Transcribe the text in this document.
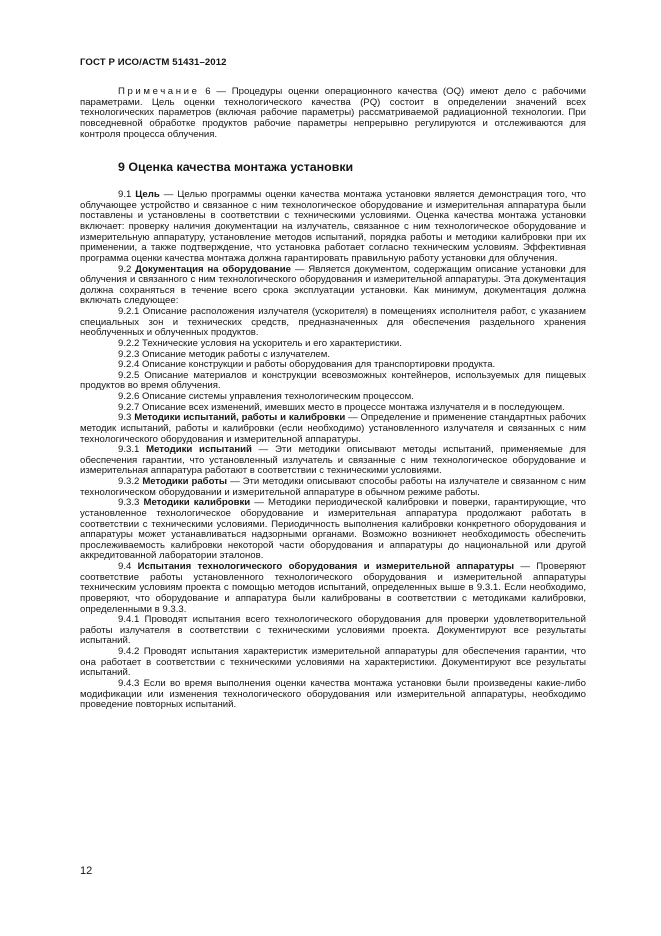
ГОСТ Р ИСО/АСТМ 51431–2012

Примечание 6 — Процедуры оценки операционного качества (OQ) имеют дело с рабочими параметрами. Цель оценки технологического качества (PQ) состоит в определении значений всех технологических параметров (включая рабочие параметры) рассматриваемой радиационной технологии. При повседневной обработке продуктов рабочие параметры непрерывно регулируются и отслеживаются для контроля процесса облучения.

9 Оценка качества монтажа установки

9.1 Цель — Целью программы оценки качества монтажа установки является демонстрация того, что облучающее устройство и связанное с ним технологическое оборудование и измерительная аппаратура были поставлены и установлены в соответствии с техническими условиями. Оценка качества монтажа установки включает: проверку наличия документации на излучатель, связанное с ним технологическое оборудование и измерительную аппаратуру, установление методов испытаний, порядка работы и методики калибровки при их применении, а также подтверждение, что установка работает согласно техническим условиям. Эффективная программа оценки качества монтажа должна гарантировать правильную работу установки для облучения.

9.2 Документация на оборудование — Является документом, содержащим описание установки для облучения и связанного с ним технологического оборудования и измерительной аппаратуры. Эта документация должна сохраняться в течение всего срока эксплуатации установки. Как минимум, документация должна включать следующее:

9.2.1 Описание расположения излучателя (ускорителя) в помещениях исполнителя работ, с указанием специальных зон и технических средств, предназначенных для обеспечения раздельного хранения необлученных и облученных продуктов.

9.2.2 Технические условия на ускоритель и его характеристики.

9.2.3 Описание методик работы с излучателем.

9.2.4 Описание конструкции и работы оборудования для транспортировки продукта.

9.2.5 Описание материалов и конструкции всевозможных контейнеров, используемых для пищевых продуктов во время облучения.

9.2.6 Описание системы управления технологическим процессом.

9.2.7 Описание всех изменений, имевших место в процессе монтажа излучателя и в последующем.

9.3 Методики испытаний, работы и калибровки — Определение и применение стандартных рабочих методик испытаний, работы и калибровки (если необходимо) установленного излучателя и связанных с ним технологического оборудования и измерительной аппаратуры.

9.3.1 Методики испытаний — Эти методики описывают методы испытаний, применяемые для обеспечения гарантии, что установленный излучатель и связанные с ним технологическое оборудование и измерительная аппаратура работают в соответствии с техническими условиями.

9.3.2 Методики работы — Эти методики описывают способы работы на излучателе и связанном с ним технологическом оборудовании и измерительной аппаратуре в обычном режиме работы.

9.3.3 Методики калибровки — Методики периодической калибровки и поверки, гарантирующие, что установленное технологическое оборудование и измерительная аппаратура продолжают работать в соответствии с техническими условиями. Периодичность выполнения калибровки конкретного оборудования и аппаратуры может устанавливаться надзорными органами. Возможно возникнет необходимость обеспечить прослеживаемость калибровки некоторой части оборудования и аппаратуры до национальной или другой аккредитованной лаборатории эталонов.

9.4 Испытания технологического оборудования и измерительной аппаратуры — Проверяют соответствие работы установленного технологического оборудования и измерительной аппаратуры техническим условиям проекта с помощью методов испытаний, определенных выше в 9.3.1. Если необходимо, проверяют, что оборудование и аппаратура были калиброваны в соответствии с методиками калибровки, определенными в 9.3.3.

9.4.1 Проводят испытания всего технологического оборудования для проверки удовлетворительной работы излучателя в соответствии с техническими условиями проекта. Документируют все результаты испытаний.

9.4.2 Проводят испытания характеристик измерительной аппаратуры для обеспечения гарантии, что она работает в соответствии с техническими условиями на характеристики. Документируют все результаты испытаний.

9.4.3 Если во время выполнения оценки качества монтажа установки были произведены какие-либо модификации или изменения технологического оборудования или измерительной аппаратуры, необходимо проведение повторных испытаний.

12
